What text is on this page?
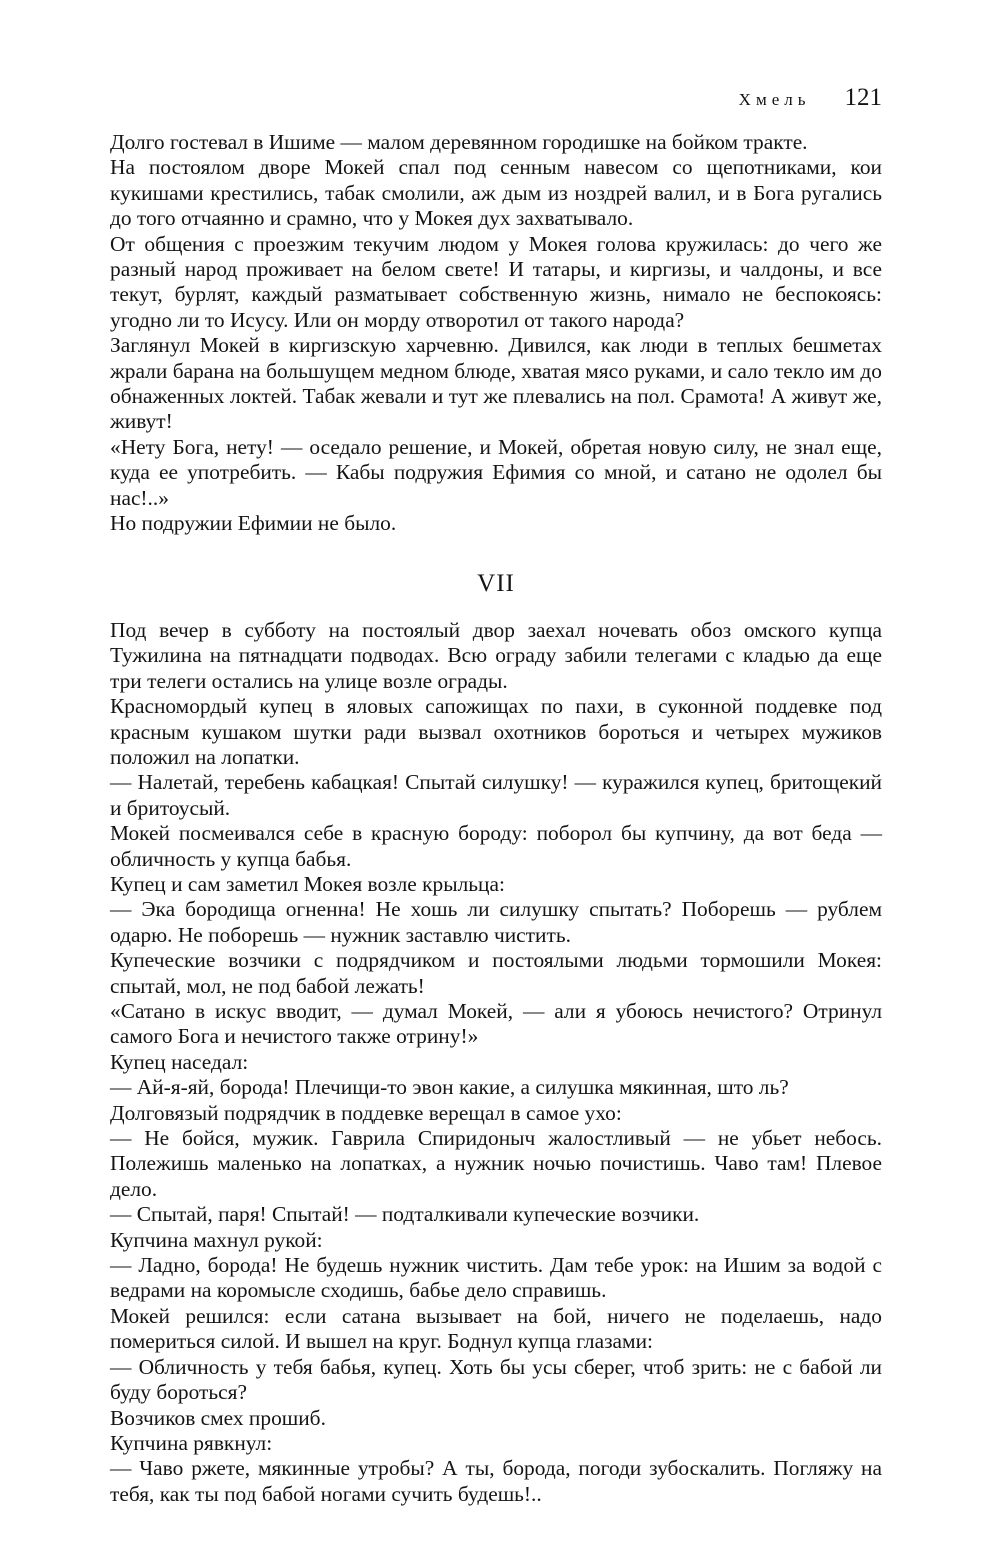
Хмель 121

Долго гостевал в Ишиме — малом деревянном городишке на бойком тракте.

На постоялом дворе Мокей спал под сенным навесом со щепотниками, кои кукишами крестились, табак смолили, аж дым из ноздрей валил, и в Бога ругались до того отчаянно и срамно, что у Мокея дух захватывало.

От общения с проезжим текучим людом у Мокея голова кружилась: до чего же разный народ проживает на белом свете! И татары, и киргизы, и чалдоны, и все текут, бурлят, каждый разматывает собственную жизнь, нимало не беспокоясь: угодно ли то Исусу. Или он морду отворотил от такого народа?

Заглянул Мокей в киргизскую харчевню. Дивился, как люди в теплых бешметах жрали барана на большущем медном блюде, хватая мясо руками, и сало текло им до обнаженных локтей. Табак жевали и тут же плевались на пол. Срамота! А живут же, живут!

«Нету Бога, нету! — оседало решение, и Мокей, обретая новую силу, не знал еще, куда ее употребить. — Кабы подружия Ефимия со мной, и сатано не одолел бы нас!..»

Но подружии Ефимии не было.

VII

Под вечер в субботу на постоялый двор заехал ночевать обоз омского купца Тужилина на пятнадцати подводах. Всю ограду забили телегами с кладью да еще три телеги остались на улице возле ограды.

Красномордый купец в яловых сапожищах по пахи, в суконной поддевке под красным кушаком шутки ради вызвал охотников бороться и четырех мужиков положил на лопатки.

— Налетай, теребень кабацкая! Спытай силушку! — куражился купец, бритощекий и бритоусый.

Мокей посмеивался себе в красную бороду: поборол бы купчину, да вот беда — обличность у купца бабья.

Купец и сам заметил Мокея возле крыльца:

— Эка бородища огненна! Не хошь ли силушку спытать? Поборешь — рублем одарю. Не поборешь — нужник заставлю чистить.

Купеческие возчики с подрядчиком и постоялыми людьми тормошили Мокея: спытай, мол, не под бабой лежать!

«Сатано в искус вводит, — думал Мокей, — али я убоюсь нечистого? Отринул самого Бога и нечистого также отрину!»

Купец наседал:

— Ай-я-яй, борода! Плечищи-то эвон какие, а силушка мякинная, што ль?

Долговязый подрядчик в поддевке верещал в самое ухо:

— Не бойся, мужик. Гаврила Спиридоныч жалостливый — не убьет небось. Полежишь маленько на лопатках, а нужник ночью почистишь. Чаво там! Плевое дело.

— Спытай, паря! Спытай! — подталкивали купеческие возчики.

Купчина махнул рукой:

— Ладно, борода! Не будешь нужник чистить. Дам тебе урок: на Ишим за водой с ведрами на коромысле сходишь, бабье дело справишь.

Мокей решился: если сатана вызывает на бой, ничего не поделаешь, надо помериться силой. И вышел на круг. Боднул купца глазами:

— Обличность у тебя бабья, купец. Хоть бы усы сберег, чтоб зрить: не с бабой ли буду бороться?

Возчиков смех прошиб.

Купчина рявкнул:

— Чаво ржете, мякинные утробы? А ты, борода, погоди зубоскалить. Погляжу на тебя, как ты под бабой ногами сучить будешь!..
